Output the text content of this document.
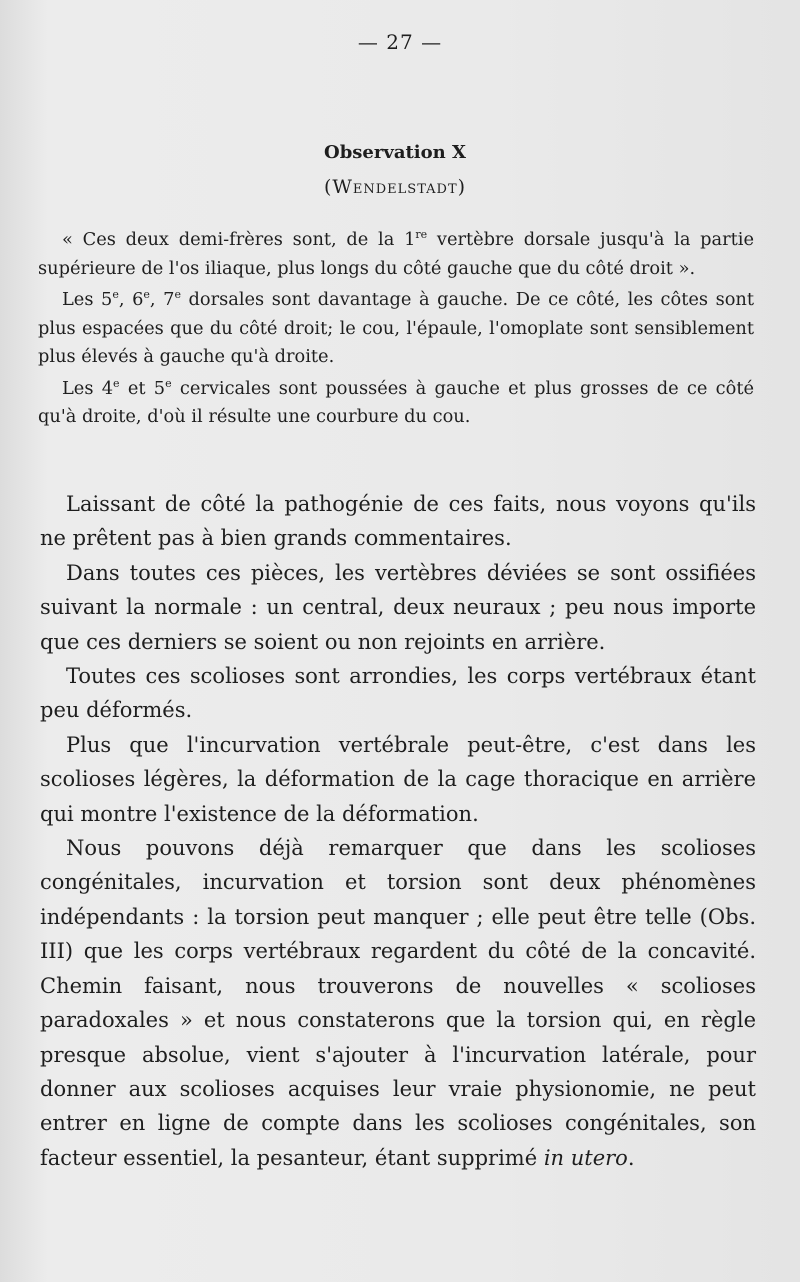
— 27 —
Observation X
(Wendelstadt)

« Ces deux demi-frères sont, de la 1re vertèbre dorsale jusqu'à la partie supérieure de l'os iliaque, plus longs du côté gauche que du côté droit ».

Les 5e, 6e, 7e dorsales sont davantage à gauche. De ce côté, les côtes sont plus espacées que du côté droit; le cou, l'épaule, l'omoplate sont sensiblement plus élevés à gauche qu'à droite.

Les 4e et 5e cervicales sont poussées à gauche et plus grosses de ce côté qu'à droite, d'où il résulte une courbure du cou.

Laissant de côté la pathogénie de ces faits, nous voyons qu'ils ne prêtent pas à bien grands commentaires.

Dans toutes ces pièces, les vertèbres déviées se sont ossifiées suivant la normale : un central, deux neuraux ; peu nous importe que ces derniers se soient ou non rejoints en arrière.

Toutes ces scolioses sont arrondies, les corps vertébraux étant peu déformés.

Plus que l'incurvation vertébrale peut-être, c'est dans les scolioses légères, la déformation de la cage thoracique en arrière qui montre l'existence de la déformation.

Nous pouvons déjà remarquer que dans les scolioses congénitales, incurvation et torsion sont deux phénomènes indépendants : la torsion peut manquer ; elle peut être telle (Obs. III) que les corps vertébraux regardent du côté de la concavité. Chemin faisant, nous trouverons de nouvelles « scolioses paradoxales » et nous constaterons que la torsion qui, en règle presque absolue, vient s'ajouter à l'incurvation latérale, pour donner aux scolioses acquises leur vraie physionomie, ne peut entrer en ligne de compte dans les scolioses congénitales, son facteur essentiel, la pesanteur, étant supprimé in utero.
